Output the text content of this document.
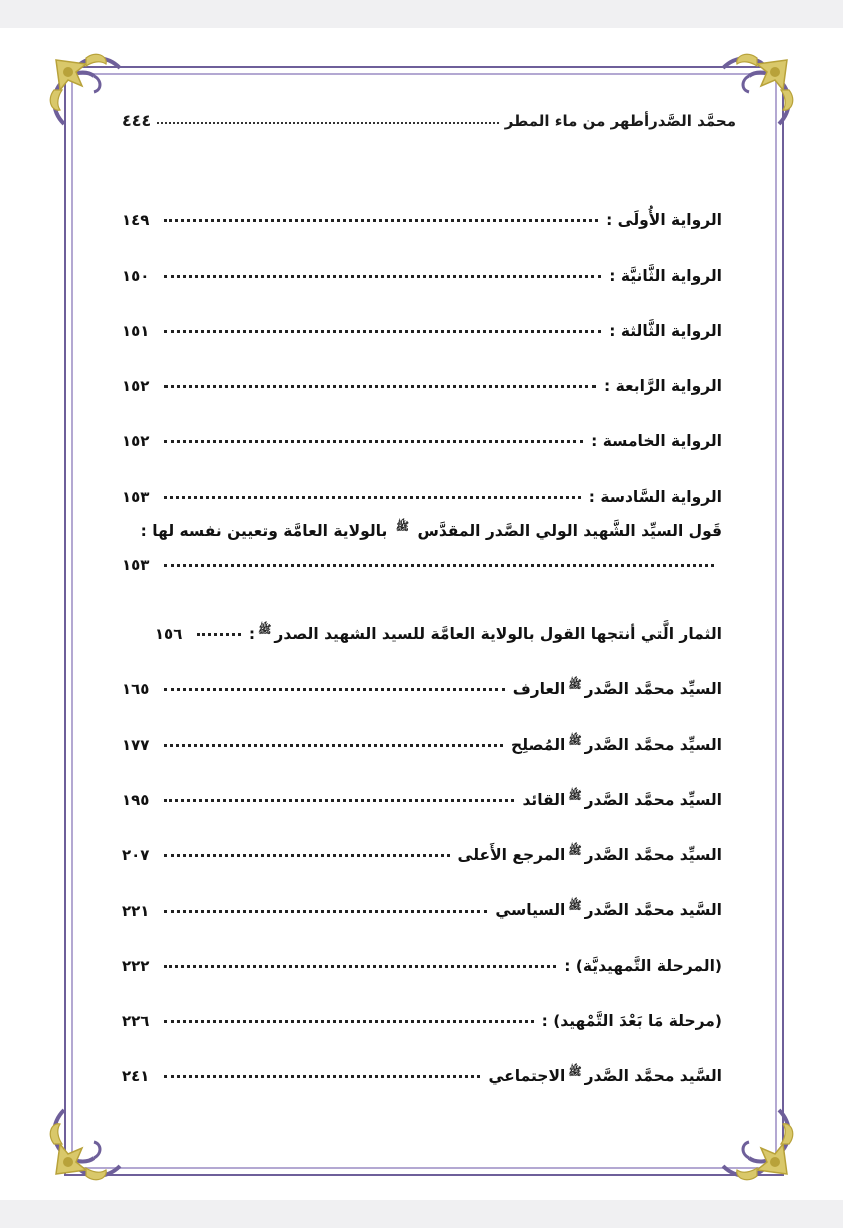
محمَّد الصَّدرأطهر من ماء المطر
٤٤٤
الرواية الأُولَى :
١٤٩
الرواية الثَّانيَّة :
١٥٠
الرواية الثَّالثة :
١٥١
الرواية الرَّابعة :
١٥٢
الرواية الخامسة :
١٥٢
الرواية السَّادسة :
١٥٣
قَول السيِّد الشَّهيد الولي الصَّدر المقدَّس $^ﷺ$ بالولاية العامَّة وتعيين نفسه لها :
١٥٣
الثمار الَّتي أنتجها القول بالولاية العامَّة للسيد الشهيد الصدر$^ﷺ$:
١٥٦
السيِّد محمَّد الصَّدر$^ﷺ$العارف
١٦٥
السيِّد محمَّد الصَّدر$^ﷺ$المُصلِح
١٧٧
السيِّد محمَّد الصَّدر$^ﷺ$القائد
١٩٥
السيِّد محمَّد الصَّدر$^ﷺ$المرجع الأَعلى
٢٠٧
السَّيد محمَّد الصَّدر$^ﷺ$السياسي
٢٢١
(المرحلة التَّمهيديَّة) :
٢٢٢
(مرحلة مَا بَعْدَ التَّمْهيد) :
٢٢٦
السَّيد محمَّد الصَّدر$^ﷺ$الاجتماعي
٢٤١
